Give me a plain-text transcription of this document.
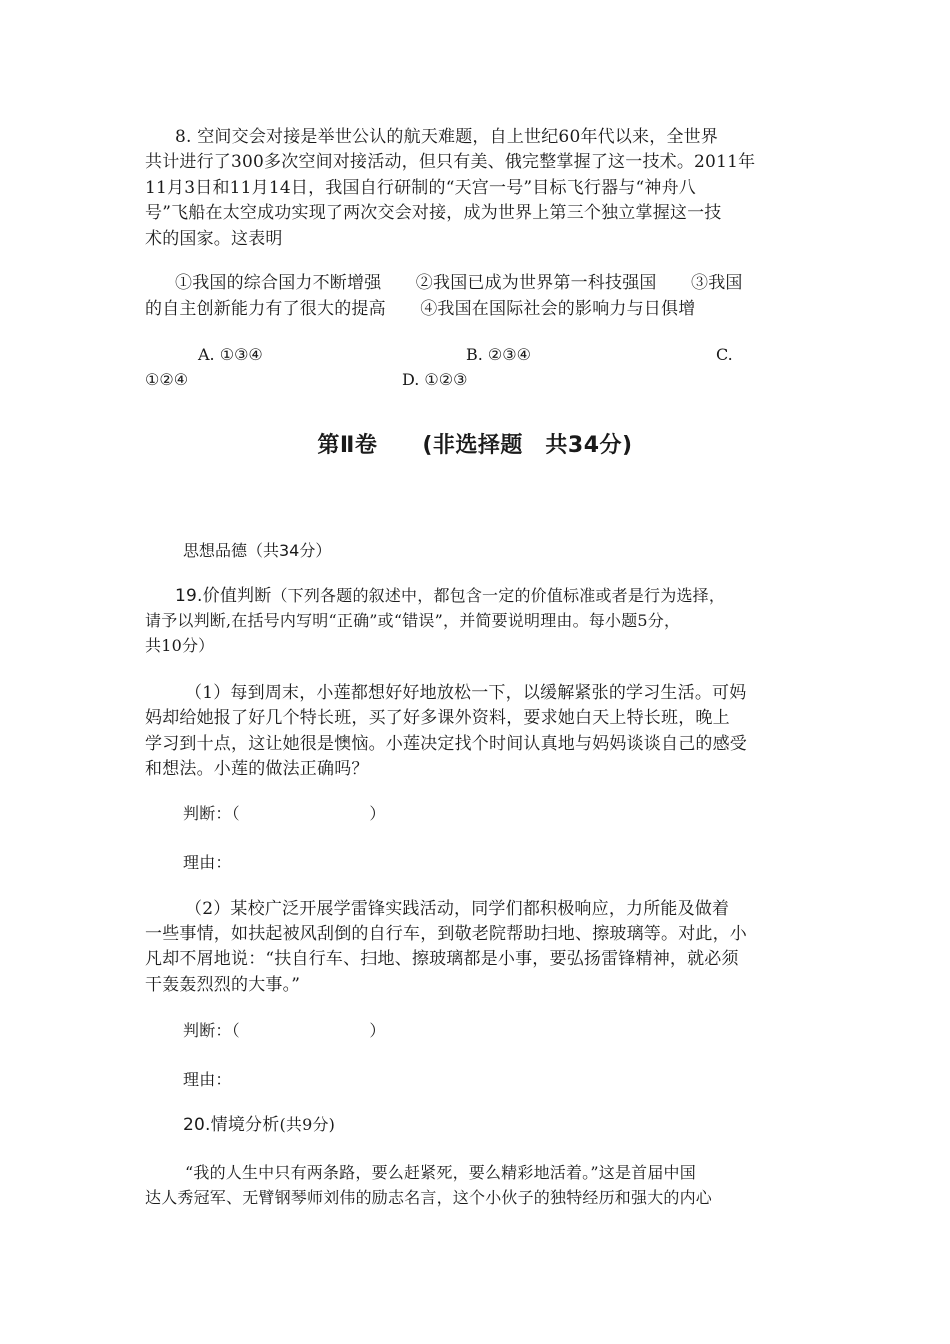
8. 空间交会对接是举世公认的航天难题，自上世纪60年代以来，全世界
共计进行了300多次空间对接活动，但只有美、俄完整掌握了这一技术。2011年
11月3日和11月14日，我国自行研制的“天宫一号”目标飞行器与“神舟八
号”飞船在太空成功实现了两次交会对接，成为世界上第三个独立掌握这一技
术的国家。这表明
①我国的综合国力不断增强　　②我国已成为世界第一科技强国　　③我国
的自主创新能力有了很大的提高　　④我国在国际社会的影响力与日俱增
A. ①③④	B. ②③④	C.
①②④	D. ①②③
第Ⅱ卷　　(非选择题　共34分)
思想品德（共34分）
19.价值判断（下列各题的叙述中，都包含一定的价值标准或者是行为选择，
请予以判断,在括号内写明“正确”或“错误”，并简要说明理由。每小题5分，
共10分）
（1）每到周末，小莲都想好好地放松一下，以缓解紧张的学习生活。可妈
妈却给她报了好几个特长班，买了好多课外资料，要求她白天上特长班，晚上
学习到十点，这让她很是懊恼。小莲决定找个时间认真地与妈妈谈谈自己的感受
和想法。小莲的做法正确吗？
判断：（　　　　　　　　）
理由：
（2）某校广泛开展学雷锋实践活动，同学们都积极响应，力所能及做着
一些事情，如扶起被风刮倒的自行车，到敬老院帮助扫地、擦玻璃等。对此，小
凡却不屑地说：“扶自行车、扫地、擦玻璃都是小事，要弘扬雷锋精神，就必须
干轰轰烈烈的大事。”
判断：（　　　　　　　　）
理由：
20.情境分析(共9分)
“我的人生中只有两条路，要么赶紧死，要么精彩地活着。”这是首届中国
达人秀冠军、无臂钢琴师刘伟的励志名言，这个小伙子的独特经历和强大的内心
